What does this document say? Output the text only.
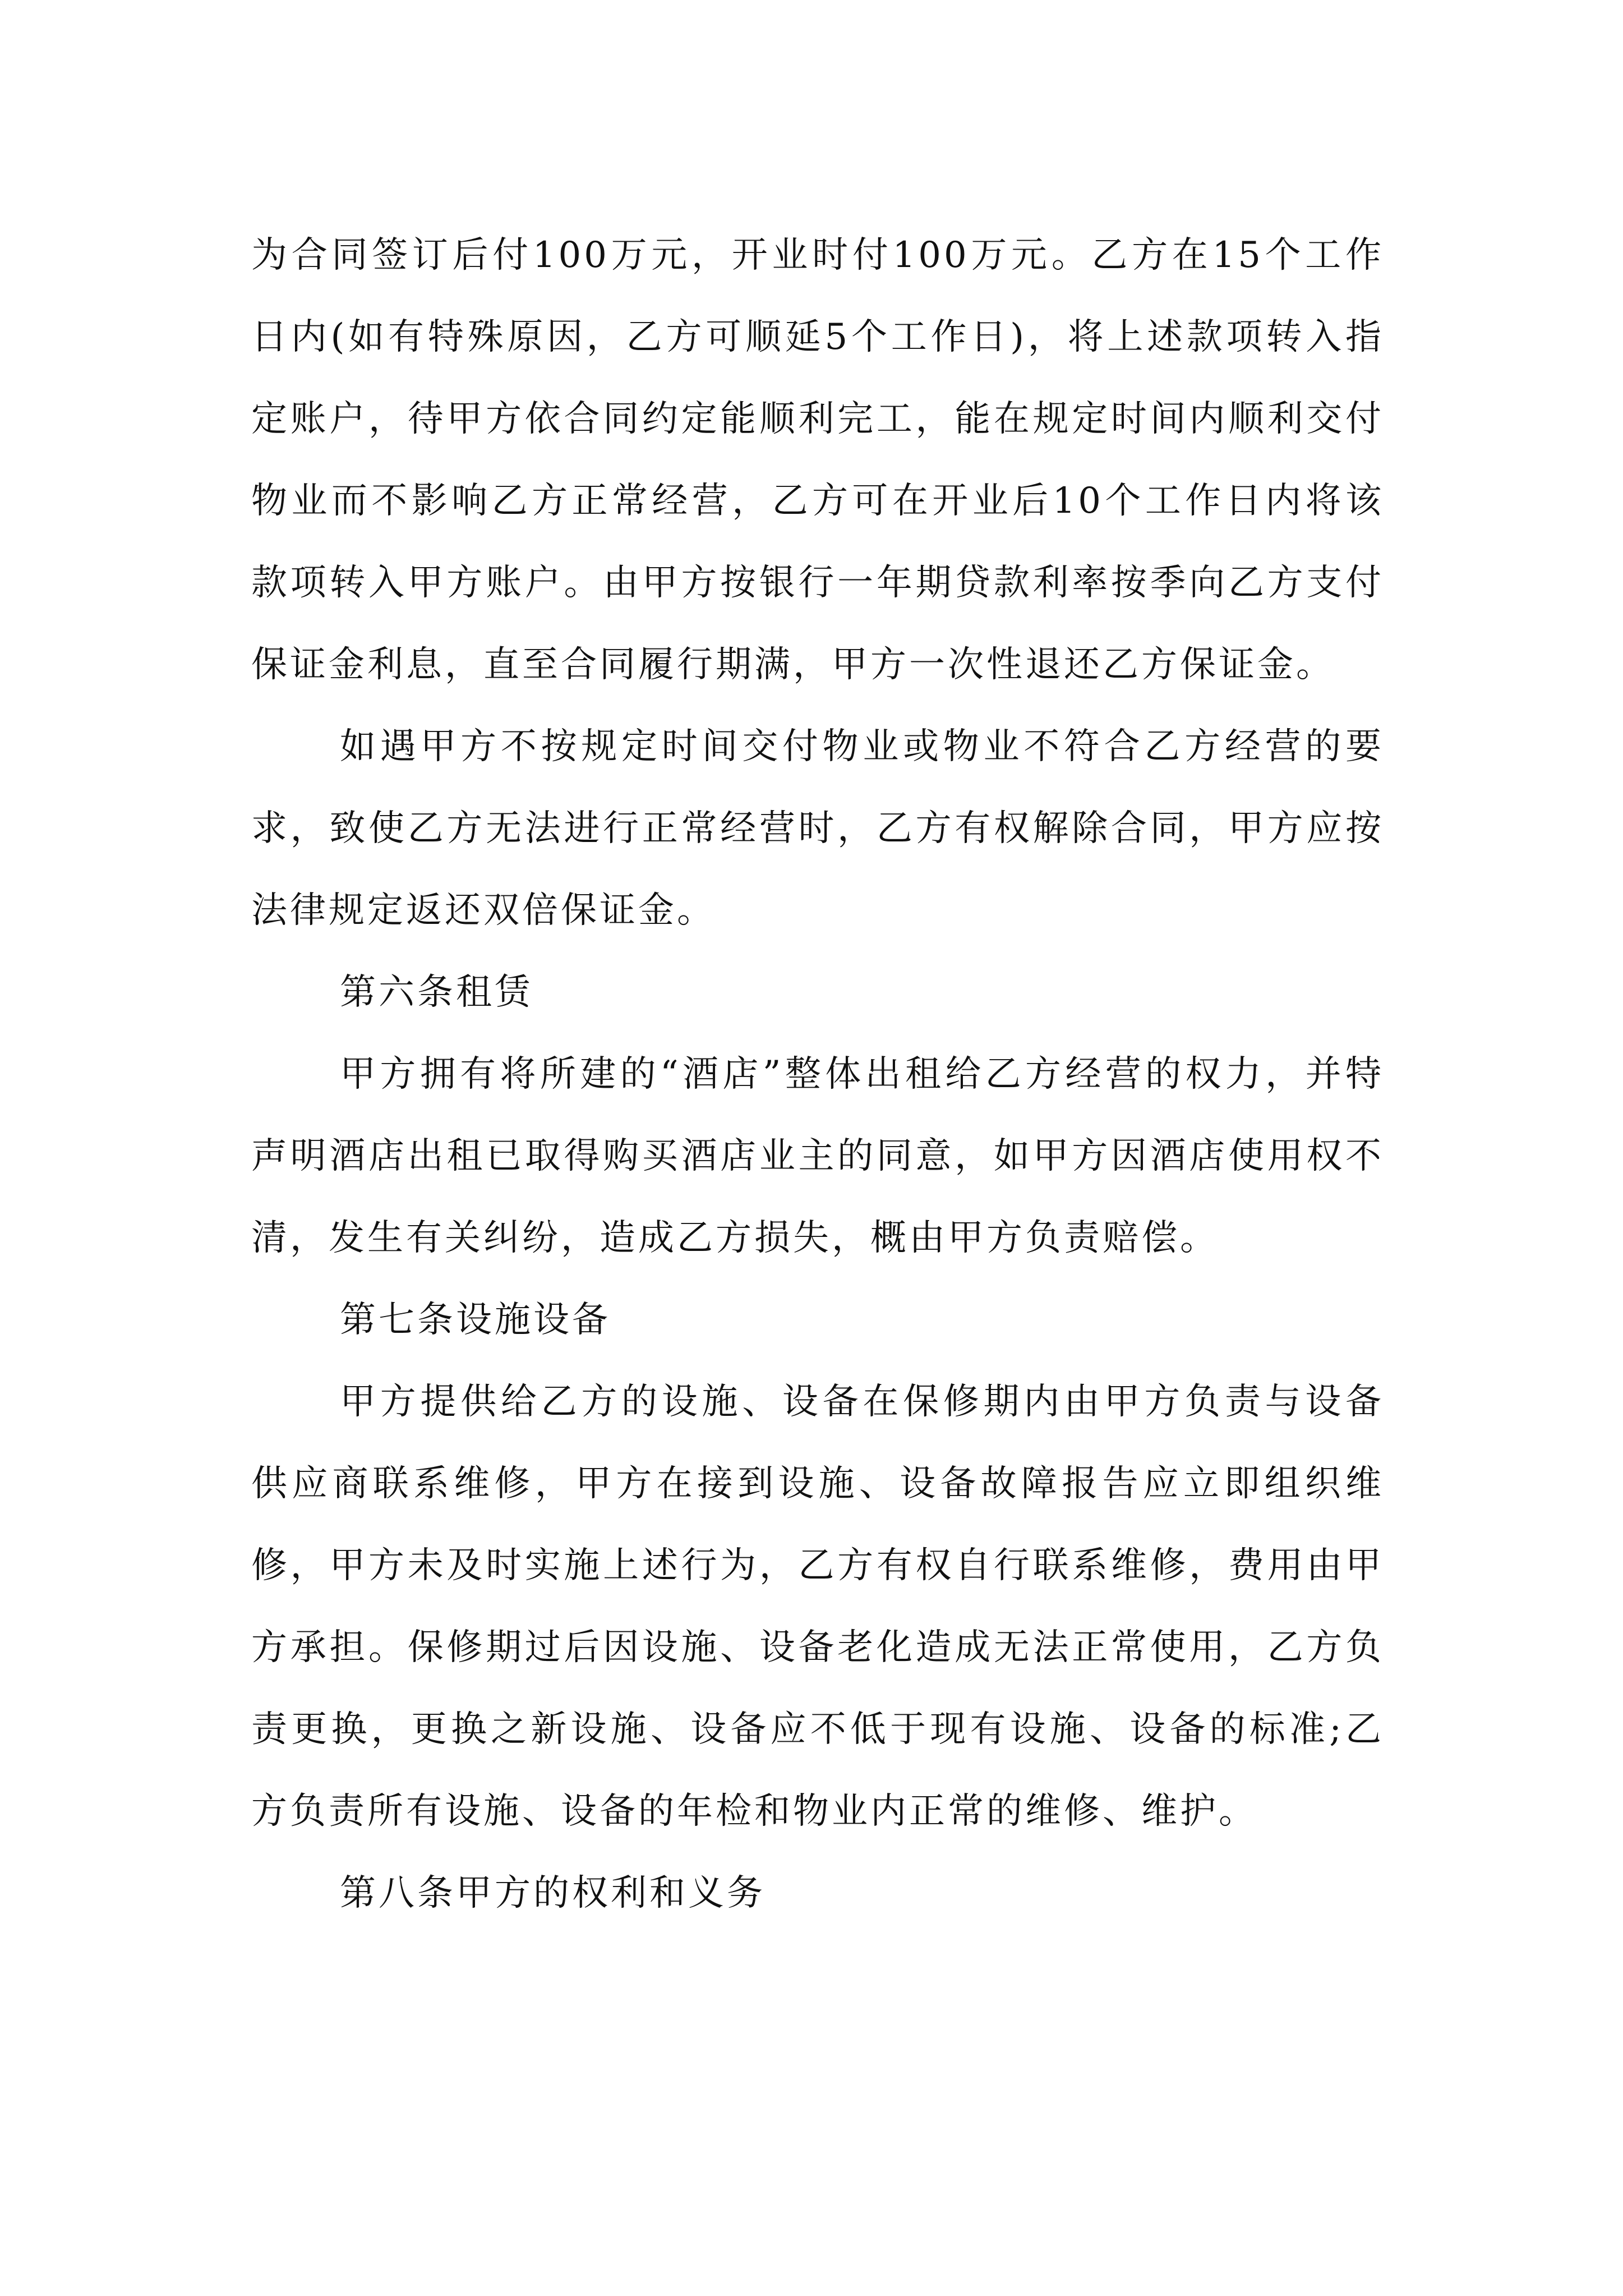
为合同签订后付100万元，开业时付100万元。乙方在15个工作日内(如有特殊原因，乙方可顺延5个工作日)，将上述款项转入指定账户，待甲方依合同约定能顺利完工，能在规定时间内顺利交付物业而不影响乙方正常经营，乙方可在开业后10个工作日内将该款项转入甲方账户。由甲方按银行一年期贷款利率按季向乙方支付保证金利息，直至合同履行期满，甲方一次性退还乙方保证金。

如遇甲方不按规定时间交付物业或物业不符合乙方经营的要求，致使乙方无法进行正常经营时，乙方有权解除合同，甲方应按法律规定返还双倍保证金。

第六条租赁

甲方拥有将所建的“酒店”整体出租给乙方经营的权力，并特声明酒店出租已取得购买酒店业主的同意，如甲方因酒店使用权不清，发生有关纠纷，造成乙方损失，概由甲方负责赔偿。

第七条设施设备

甲方提供给乙方的设施、设备在保修期内由甲方负责与设备供应商联系维修，甲方在接到设施、设备故障报告应立即组织维修，甲方未及时实施上述行为，乙方有权自行联系维修，费用由甲方承担。保修期过后因设施、设备老化造成无法正常使用，乙方负责更换，更换之新设施、设备应不低于现有设施、设备的标准;乙方负责所有设施、设备的年检和物业内正常的维修、维护。

第八条甲方的权利和义务
